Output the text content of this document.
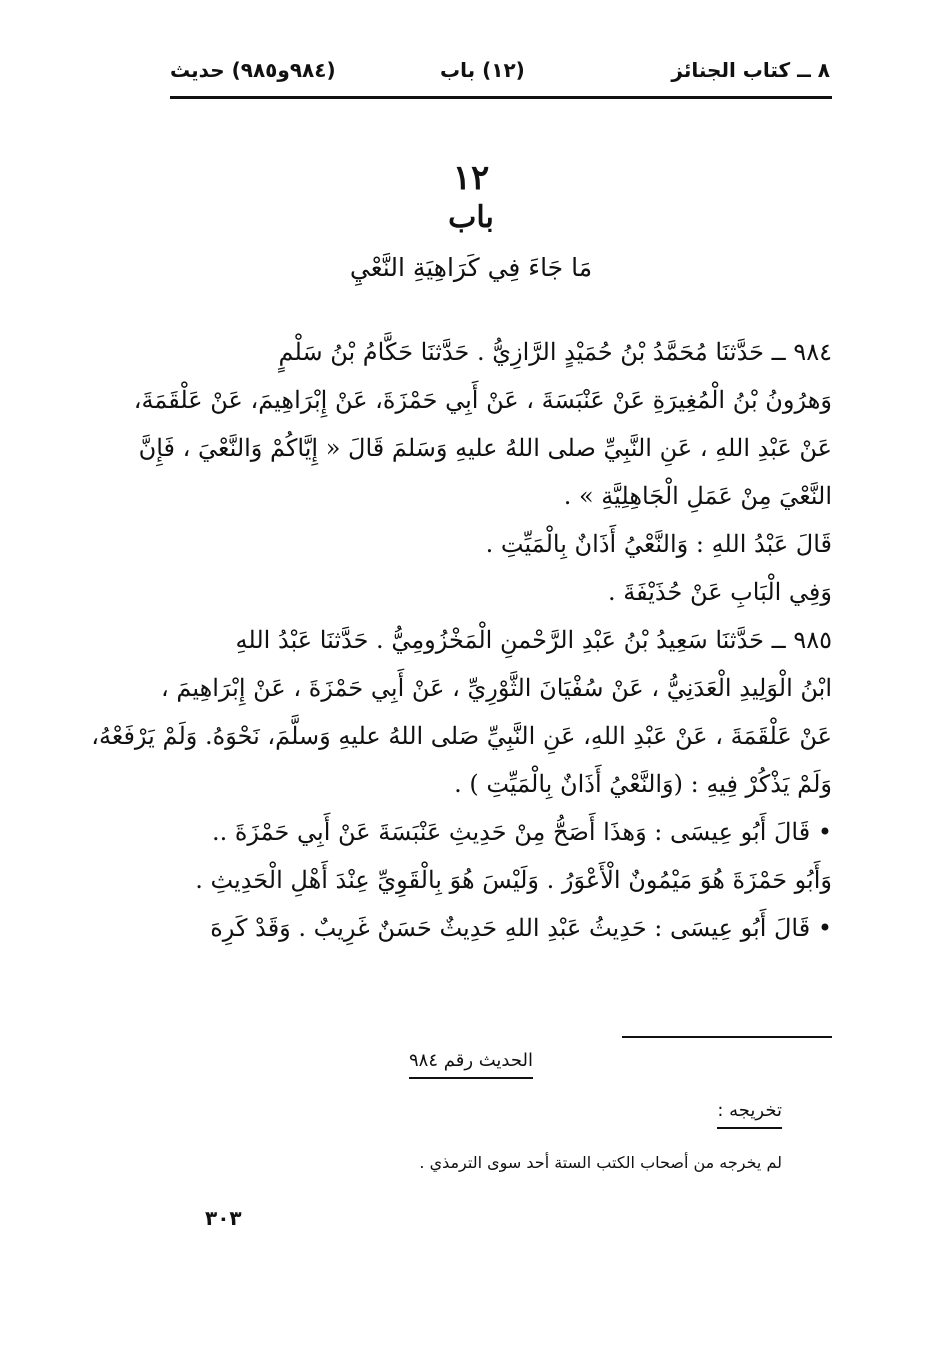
٨ ــ كتاب الجنائز
(١٢) باب
(٩٨٤و٩٨٥) حديث
١٢
باب
مَا جَاءَ فِي كَرَاهِيَةِ النَّعْيِ

٩٨٤ ــ حَدَّثنَا مُحَمَّدُ بْنُ حُمَيْدٍ الرَّازِيُّ . حَدَّثنَا حَكَّامُ بْنُ سَلْمٍ

وَهرُونُ بْنُ الْمُغِيرَةِ عَنْ عَنْبَسَةَ ، عَنْ أَبِي حَمْزَةَ، عَنْ إِبْرَاهِيمَ، عَنْ عَلْقَمَةَ،

عَنْ عَبْدِ اللهِ ، عَنِ النَّبِيِّ صلى اللهُ عليهِ وَسَلمَ قَالَ « إِيَّاكُمْ وَالنَّعْيَ ، فَإِنَّ

النَّعْيَ مِنْ عَمَلِ الْجَاهِلِيَّةِ » .

قَالَ عَبْدُ اللهِ : وَالنَّعْيُ أَذَانٌ بِالْمَيِّتِ .

وَفِي الْبَابِ عَنْ حُذَيْفَةَ .

٩٨٥ ــ حَدَّثنَا سَعِيدُ بْنُ عَبْدِ الرَّحْمنِ الْمَخْزُومِيُّ . حَدَّثنَا عَبْدُ اللهِ

ابْنُ الْوَلِيدِ الْعَدَنِيُّ ، عَنْ سُفْيَانَ الثَّوْرِيِّ ، عَنْ أَبِي حَمْزَةَ ، عَنْ إِبْرَاهِيمَ ،

عَنْ عَلْقَمَةَ ، عَنْ عَبْدِ اللهِ، عَنِ النَّبِيِّ صَلى اللهُ عليهِ وَسلَّمَ، نَحْوَهُ. وَلَمْ يَرْفَعْهُ،

وَلَمْ يَذْكُرْ فِيهِ : (وَالنَّعْيُ أَذَانٌ بِالْمَيِّتِ ) .

• قَالَ أَبُو عِيسَى : وَهذَا أَصَحُّ مِنْ حَدِيثِ عَنْبَسَةَ عَنْ أَبِي حَمْزَةَ ..

وَأَبُو حَمْزَةَ هُوَ مَيْمُونٌ الْأَعْوَرُ . وَلَيْسَ هُوَ بِالْقَوِيِّ عِنْدَ أَهْلِ الْحَدِيثِ .

• قَالَ أَبُو عِيسَى : حَدِيثُ عَبْدِ اللهِ حَدِيثٌ حَسَنٌ غَرِيبٌ . وَقَدْ كَرِهَ

الحديث رقم ٩٨٤
تخريجه :
لم يخرجه من أصحاب الكتب الستة أحد سوى الترمذي .
٣٠٣
